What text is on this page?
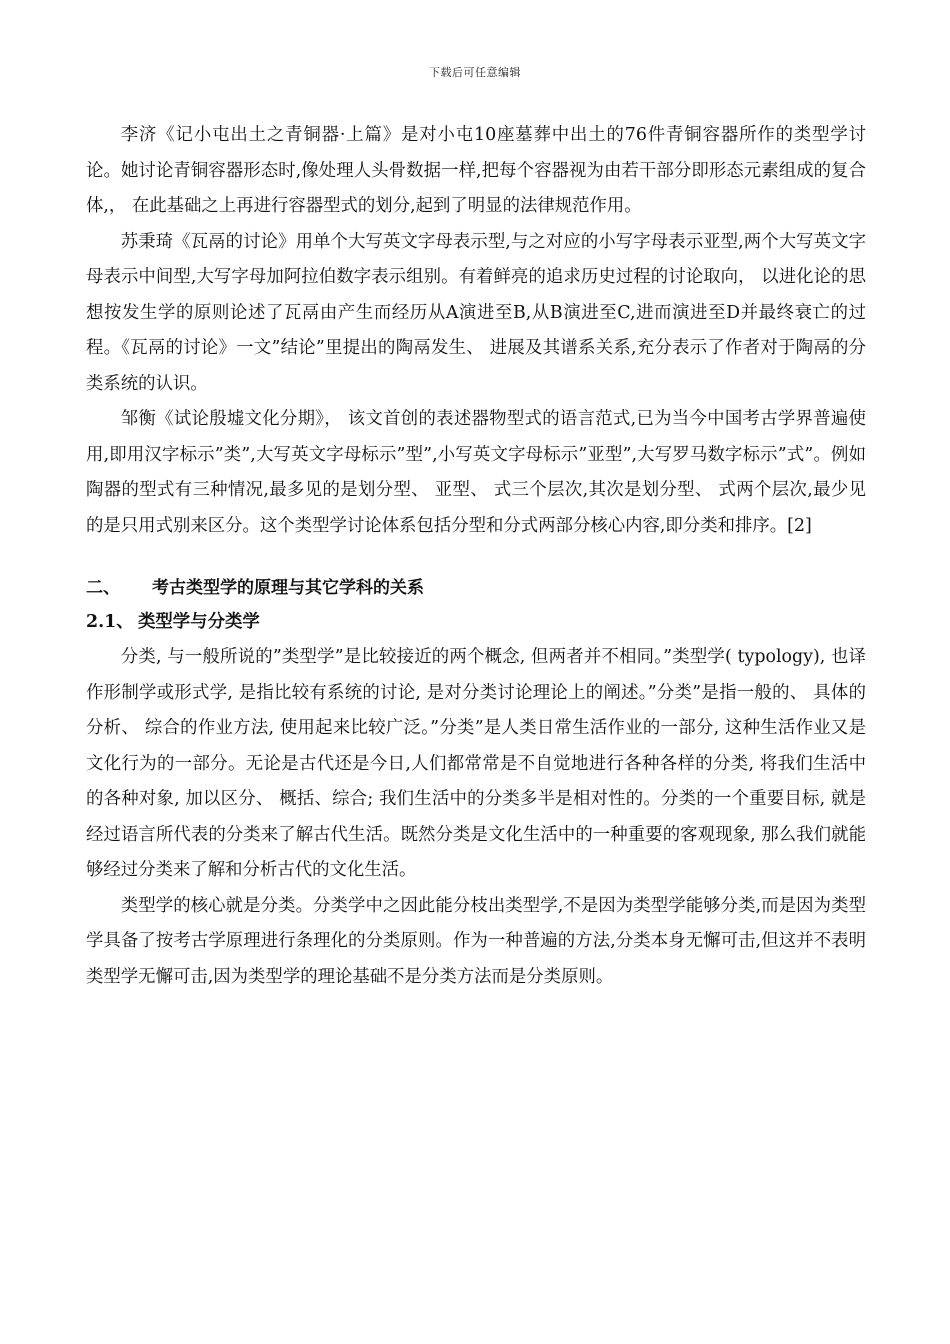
下载后可任意编辑

李济《记小屯出土之青铜器·上篇》是对小屯10座墓葬中出土的76件青铜容器所作的类型学讨论。她讨论青铜容器形态时,像处理人头骨数据一样,把每个容器视为由若干部分即形态元素组成的复合体,， 在此基础之上再进行容器型式的划分,起到了明显的法律规范作用。

苏秉琦《瓦鬲的讨论》用单个大写英文字母表示型,与之对应的小写字母表示亚型,两个大写英文字母表示中间型,大写字母加阿拉伯数字表示组别。有着鲜亮的追求历史过程的讨论取向， 以进化论的思想按发生学的原则论述了瓦鬲由产生而经历从A演进至B,从B演进至C,进而演进至D并最终衰亡的过程。《瓦鬲的讨论》一文”结论”里提出的陶鬲发生、 进展及其谱系关系,充分表示了作者对于陶鬲的分类系统的认识。

邹衡《试论殷墟文化分期》， 该文首创的表述器物型式的语言范式,已为当今中国考古学界普遍使用,即用汉字标示”类”,大写英文字母标示”型”,小写英文字母标示”亚型”,大写罗马数字标示”式”。例如陶器的型式有三种情况,最多见的是划分型、 亚型、 式三个层次,其次是划分型、 式两个层次,最少见的是只用式别来区分。这个类型学讨论体系包括分型和分式两部分核心内容,即分类和排序。[2]

二、 考古类型学的原理与其它学科的关系
2.1、 类型学与分类学

分类, 与一般所说的”类型学”是比较接近的两个概念, 但两者并不相同。”类型学( typology), 也译作形制学或形式学, 是指比较有系统的讨论, 是对分类讨论理论上的阐述。”分类”是指一般的、 具体的分析、 综合的作业方法, 使用起来比较广泛。”分类”是人类日常生活作业的一部分, 这种生活作业又是文化行为的一部分。无论是古代还是今日,人们都常常是不自觉地进行各种各样的分类, 将我们生活中的各种对象, 加以区分、 概括、综合; 我们生活中的分类多半是相对性的。分类的一个重要目标, 就是经过语言所代表的分类来了解古代生活。既然分类是文化生活中的一种重要的客观现象, 那么我们就能够经过分类来了解和分析古代的文化生活。

类型学的核心就是分类。分类学中之因此能分枝出类型学,不是因为类型学能够分类,而是因为类型学具备了按考古学原理进行条理化的分类原则。作为一种普遍的方法,分类本身无懈可击,但这并不表明类型学无懈可击,因为类型学的理论基础不是分类方法而是分类原则。
